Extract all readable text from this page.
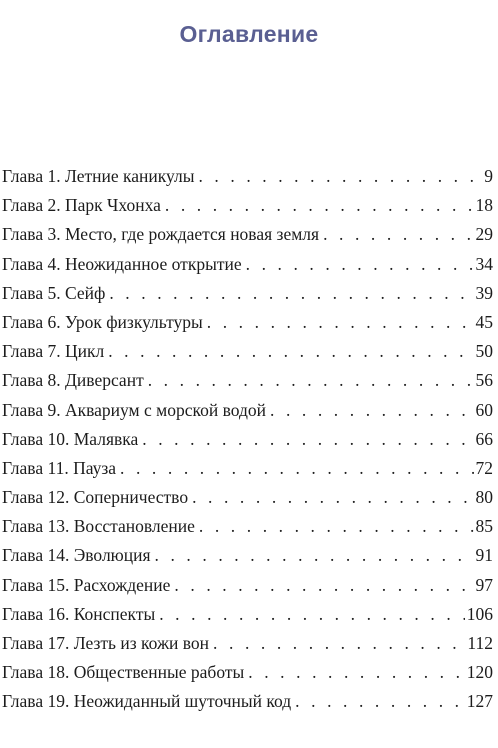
Оглавление
Глава 1. Летние каникулы . . .	9
Глава 2. Парк Чхонха . . .	18
Глава 3. Место, где рождается новая земля . . .	29
Глава 4. Неожиданное открытие . . .	34
Глава 5. Сейф . . .	39
Глава 6. Урок физкультуры . . .	45
Глава 7. Цикл . . .	50
Глава 8. Диверсант . . .	56
Глава 9. Аквариум с морской водой . . .	60
Глава 10. Малявка . . .	66
Глава 11. Пауза . . .	72
Глава 12. Соперничество . . .	80
Глава 13. Восстановление . . .	85
Глава 14. Эволюция . . .	91
Глава 15. Расхождение . . .	97
Глава 16. Конспекты . . .	106
Глава 17. Лезть из кожи вон . . .	112
Глава 18. Общественные работы . . .	120
Глава 19. Неожиданный шуточный код . . .	127
